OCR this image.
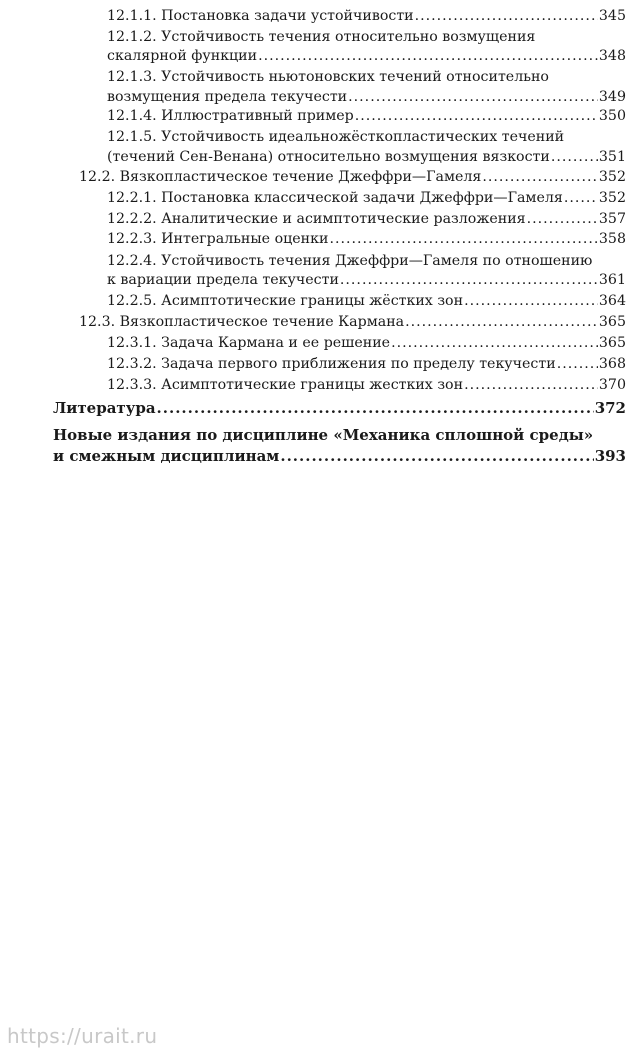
12.1.1. Постановка задачи устойчивости .....	345
12.1.2. Устойчивость течения относительно возмущения
скалярной функции .....	348
12.1.3. Устойчивость ньютоновских течений относительно
возмущения предела текучести .....	349
12.1.4. Иллюстративный пример .....	350
12.1.5. Устойчивость идеальножёсткопластических течений
(течений Сен-Венана) относительно возмущения вязкости .....	351
12.2. Вязкопластическое течение Джеффри—Гамеля .....	352
12.2.1. Постановка классической задачи Джеффри—Гамеля .....	352
12.2.2. Аналитические и асимптотические разложения .....	357
12.2.3. Интегральные оценки .....	358
12.2.4. Устойчивость течения Джеффри—Гамеля по отношению
к вариации предела текучести .....	361
12.2.5. Асимптотические границы жёстких зон .....	364
12.3. Вязкопластическое течение Кармана .....	365
12.3.1. Задача Кармана и ее решение .....	365
12.3.2. Задача первого приближения по пределу текучести .....	368
12.3.3. Асимптотические границы жестких зон .....	370
Литература .....	372
Новые издания по дисциплине «Механика сплошной среды»
и смежным дисциплинам .....	393
https://urait.ru
